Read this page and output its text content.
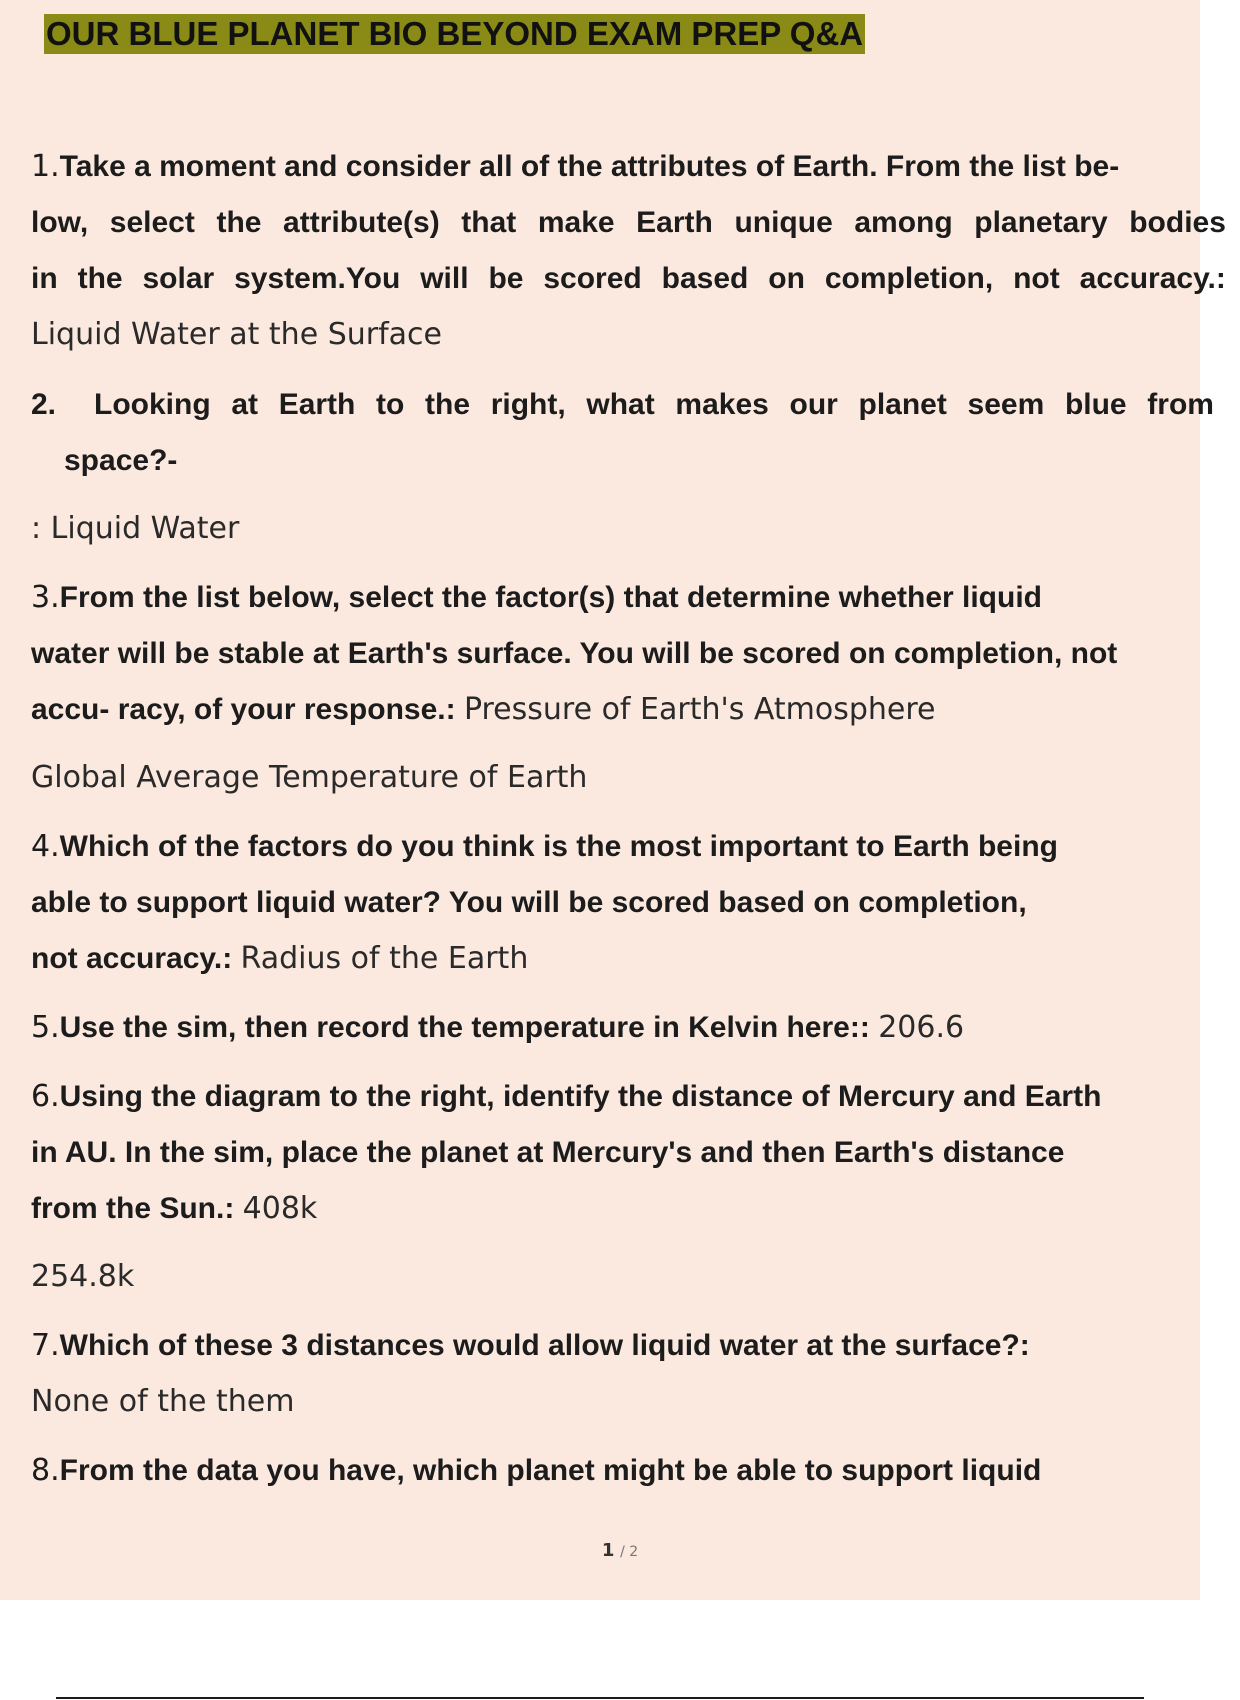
OUR BLUE PLANET BIO BEYOND EXAM PREP Q&A
1.Take a moment and consider all of the attributes of Earth. From the list be-
low, select the attribute(s) that make Earth unique among planetary bodies
in the solar system.You will be scored based on completion, not accuracy.:
Liquid Water at the Surface
2. Looking at Earth to the right, what makes our planet seem blue from
space?-
: Liquid Water
3.From the list below, select the factor(s) that determine whether liquid
water will be stable at Earth's surface. You will be scored on completion, not
accu- racy, of your response.: Pressure of Earth's Atmosphere
Global Average Temperature of Earth
4.Which of the factors do you think is the most important to Earth being
able to support liquid water? You will be scored based on completion,
not accuracy.: Radius of the Earth
5.Use the sim, then record the temperature in Kelvin here:: 206.6
6.Using the diagram to the right, identify the distance of Mercury and Earth
in AU. In the sim, place the planet at Mercury's and then Earth's distance
from the Sun.: 408k
254.8k
7.Which of these 3 distances would allow liquid water at the surface?:
None of the them
8.From the data you have, which planet might be able to support liquid
1 / 2
